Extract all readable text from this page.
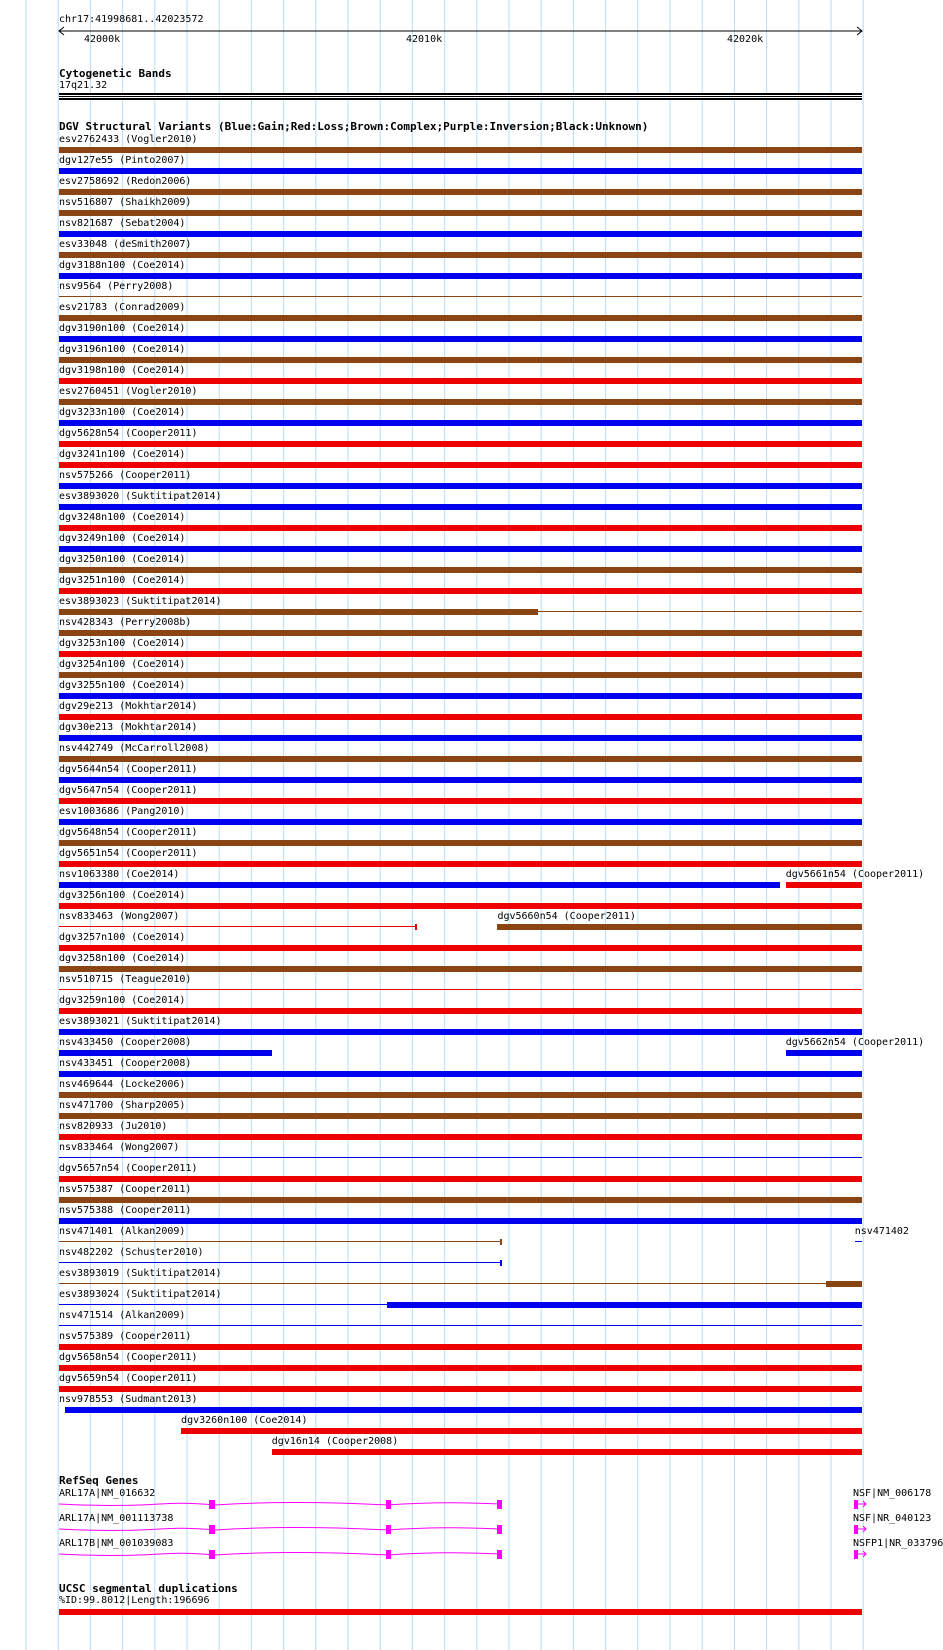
chr17:41998681..42023572
42000k	42010k	42020k
Cytogenetic Bands
17q21.32
DGV Structural Variants (Blue:Gain;Red:Loss;Brown:Complex;Purple:Inversion;Black:Unknown)
esv2762433 (Vogler2010)
dgv127e55 (Pinto2007)
esv2758692 (Redon2006)
nsv516807 (Shaikh2009)
nsv821687 (Sebat2004)
esv33048 (deSmith2007)
dgv3188n100 (Coe2014)
nsv9564 (Perry2008)
esv21783 (Conrad2009)
dgv3190n100 (Coe2014)
dgv3196n100 (Coe2014)
dgv3198n100 (Coe2014)
esv2760451 (Vogler2010)
dgv3233n100 (Coe2014)
dgv5628n54 (Cooper2011)
dgv3241n100 (Coe2014)
nsv575266 (Cooper2011)
esv3893020 (Suktitipat2014)
dgv3248n100 (Coe2014)
dgv3249n100 (Coe2014)
dgv3250n100 (Coe2014)
dgv3251n100 (Coe2014)
esv3893023 (Suktitipat2014)
nsv428343 (Perry2008b)
dgv3253n100 (Coe2014)
dgv3254n100 (Coe2014)
dgv3255n100 (Coe2014)
dgv29e213 (Mokhtar2014)
dgv30e213 (Mokhtar2014)
nsv442749 (McCarroll2008)
dgv5644n54 (Cooper2011)
dgv5647n54 (Cooper2011)
esv1003686 (Pang2010)
dgv5648n54 (Cooper2011)
dgv5651n54 (Cooper2011)
nsv1063380 (Coe2014)	dgv5661n54 (Cooper2011)
dgv3256n100 (Coe2014)
nsv833463 (Wong2007)	dgv5660n54 (Cooper2011)
dgv3257n100 (Coe2014)
dgv3258n100 (Coe2014)
nsv510715 (Teague2010)
dgv3259n100 (Coe2014)
esv3893021 (Suktitipat2014)
nsv433450 (Cooper2008)	dgv5662n54 (Cooper2011)
nsv433451 (Cooper2008)
nsv469644 (Locke2006)
nsv471700 (Sharp2005)
nsv820933 (Ju2010)
nsv833464 (Wong2007)
dgv5657n54 (Cooper2011)
nsv575387 (Cooper2011)
nsv575388 (Cooper2011)
nsv471401 (Alkan2009)	nsv471402
nsv482202 (Schuster2010)
esv3893019 (Suktitipat2014)
esv3893024 (Suktitipat2014)
nsv471514 (Alkan2009)
nsv575389 (Cooper2011)
dgv5658n54 (Cooper2011)
dgv5659n54 (Cooper2011)
nsv978553 (Sudmant2013)
dgv3260n100 (Coe2014)
dgv16n14 (Cooper2008)
RefSeq Genes
ARL17A|NM_016632	NSF|NM_006178
ARL17A|NM_001113738	NSF|NR_040123
ARL17B|NM_001039083	NSFP1|NR_033796
UCSC segmental duplications
%ID:99.8012|Length:196696
